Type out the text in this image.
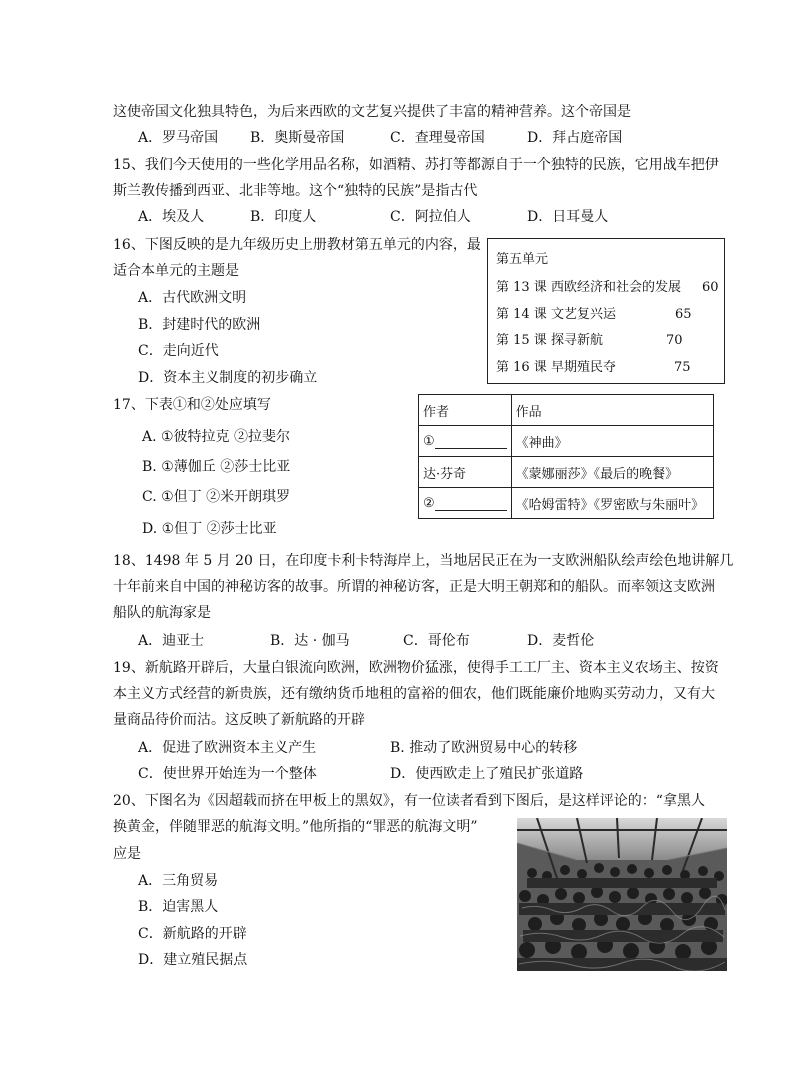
这使帝国文化独具特色，为后来西欧的文艺复兴提供了丰富的精神营养。这个帝国是
A．罗马帝国 B．奥斯曼帝国	C．查理曼帝国	D．拜占庭帝国
15、我们今天使用的一些化学用品名称，如酒精、苏打等都源自于一个独特的民族，它用战车把伊
斯兰教传播到西亚、北非等地。这个“独特的民族”是指古代
A．埃及人	B．印度人	C．阿拉伯人	D．日耳曼人
16、下图反映的是九年级历史上册教材第五单元的内容，最
适合本单元的主题是
A．古代欧洲文明
B．封建时代的欧洲
C．走向近代
D．资本主义制度的初步确立
第五单元
第 13 课 西欧经济和社会的发展 60
第 14 课 文艺复兴运	65
第 15 课 探寻新航	70
第 16 课 早期殖民夺	75
17、下表①和②处应填写
A. ①彼特拉克 ②拉斐尔
B. ①薄伽丘 ②莎士比亚
C. ①但丁 ②米开朗琪罗
D. ①但丁 ②莎士比亚
作者	作品
①	《神曲》
达·芬奇	《蒙娜丽莎》《最后的晚餐》
②	《哈姆雷特》《罗密欧与朱丽叶》
18、1498 年 5 月 20 日，在印度卡利卡特海岸上，当地居民正在为一支欧洲船队绘声绘色地讲解几
十年前来自中国的神秘访客的故事。所谓的神秘访客，正是大明王朝郑和的船队。而率领这支欧洲
船队的航海家是
A．迪亚士	B．达 · 伽马	C．哥伦布	D．麦哲伦
19、新航路开辟后，大量白银流向欧洲，欧洲物价猛涨，使得手工工厂主、资本主义农场主、按资
本主义方式经营的新贵族，还有缴纳货币地租的富裕的佃农，他们既能廉价地购买劳动力，又有大
量商品待价而沽。这反映了新航路的开辟
A．促进了欧洲资本主义产生	B. 推动了欧洲贸易中心的转移
C．使世界开始连为一个整体	D．使西欧走上了殖民扩张道路
20、下图名为《因超载而挤在甲板上的黑奴》，有一位读者看到下图后，是这样评论的：“拿黑人
换黄金，伴随罪恶的航海文明。”他所指的“罪恶的航海文明”
应是
A．三角贸易
B．迫害黑人
C．新航路的开辟
D．建立殖民据点
